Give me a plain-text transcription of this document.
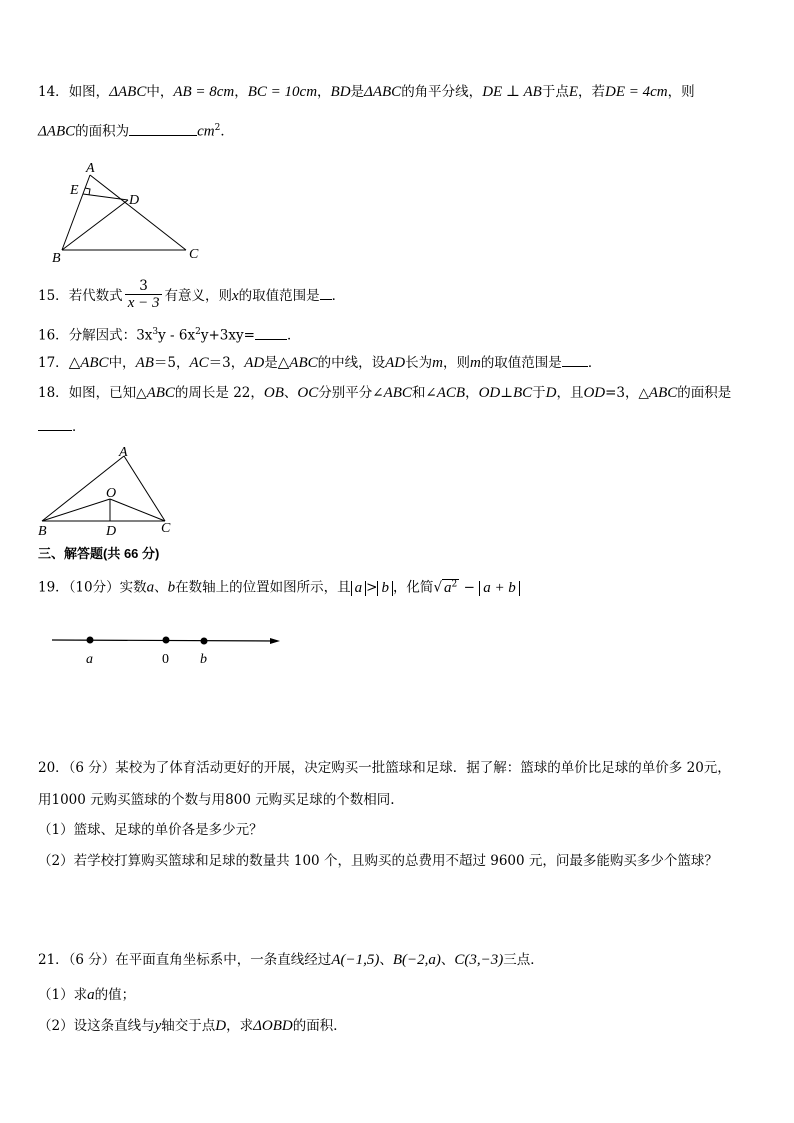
14．如图，ΔABC中，AB = 8cm，BC = 10cm，BD是ΔABC的角平分线，DE ⊥ AB于点E，若DE = 4cm，则
ΔABC的面积为	$cm^2$．
A
E
D
B	C
15．若代数式 $\frac{3}{x - 3}$ 有意义，则x的取值范围是 ．
16．分解因式：$3x^3y - 6x^2y+3xy=$ ．
17．△ABC中，AB＝5，AC＝3，AD是△ABC的中线，设AD长为m，则m的取值范围是 ．
18．如图，已知△ABC的周长是 22，OB、OC分别平分∠ABC和∠ACB，OD⊥BC于D，且OD=3，△ABC的面积是
．
A
O
B	D	C
三、解答题(共 66 分)
19．（10分）实数a、b在数轴上的位置如图所示，且 a > b ，化简√ $a^2 - a + b$
a	0 b
20．（6 分）某校为了体育活动更好的开展，决定购买一批篮球和足球．据了解：篮球的单价比足球的单价多 20元，
用1000 元购买篮球的个数与用800 元购买足球的个数相同.
（1）篮球、足球的单价各是多少元？
（2）若学校打算购买篮球和足球的数量共 100 个，且购买的总费用不超过 9600 元，问最多能购买多少个篮球？
21．（6 分）在平面直角坐标系中，一条直线经过A(−1,5)、B(−2,a)、C(3,−3)三点．
（1）求a的值；
（2）设这条直线与y轴交于点D，求ΔOBD的面积．
